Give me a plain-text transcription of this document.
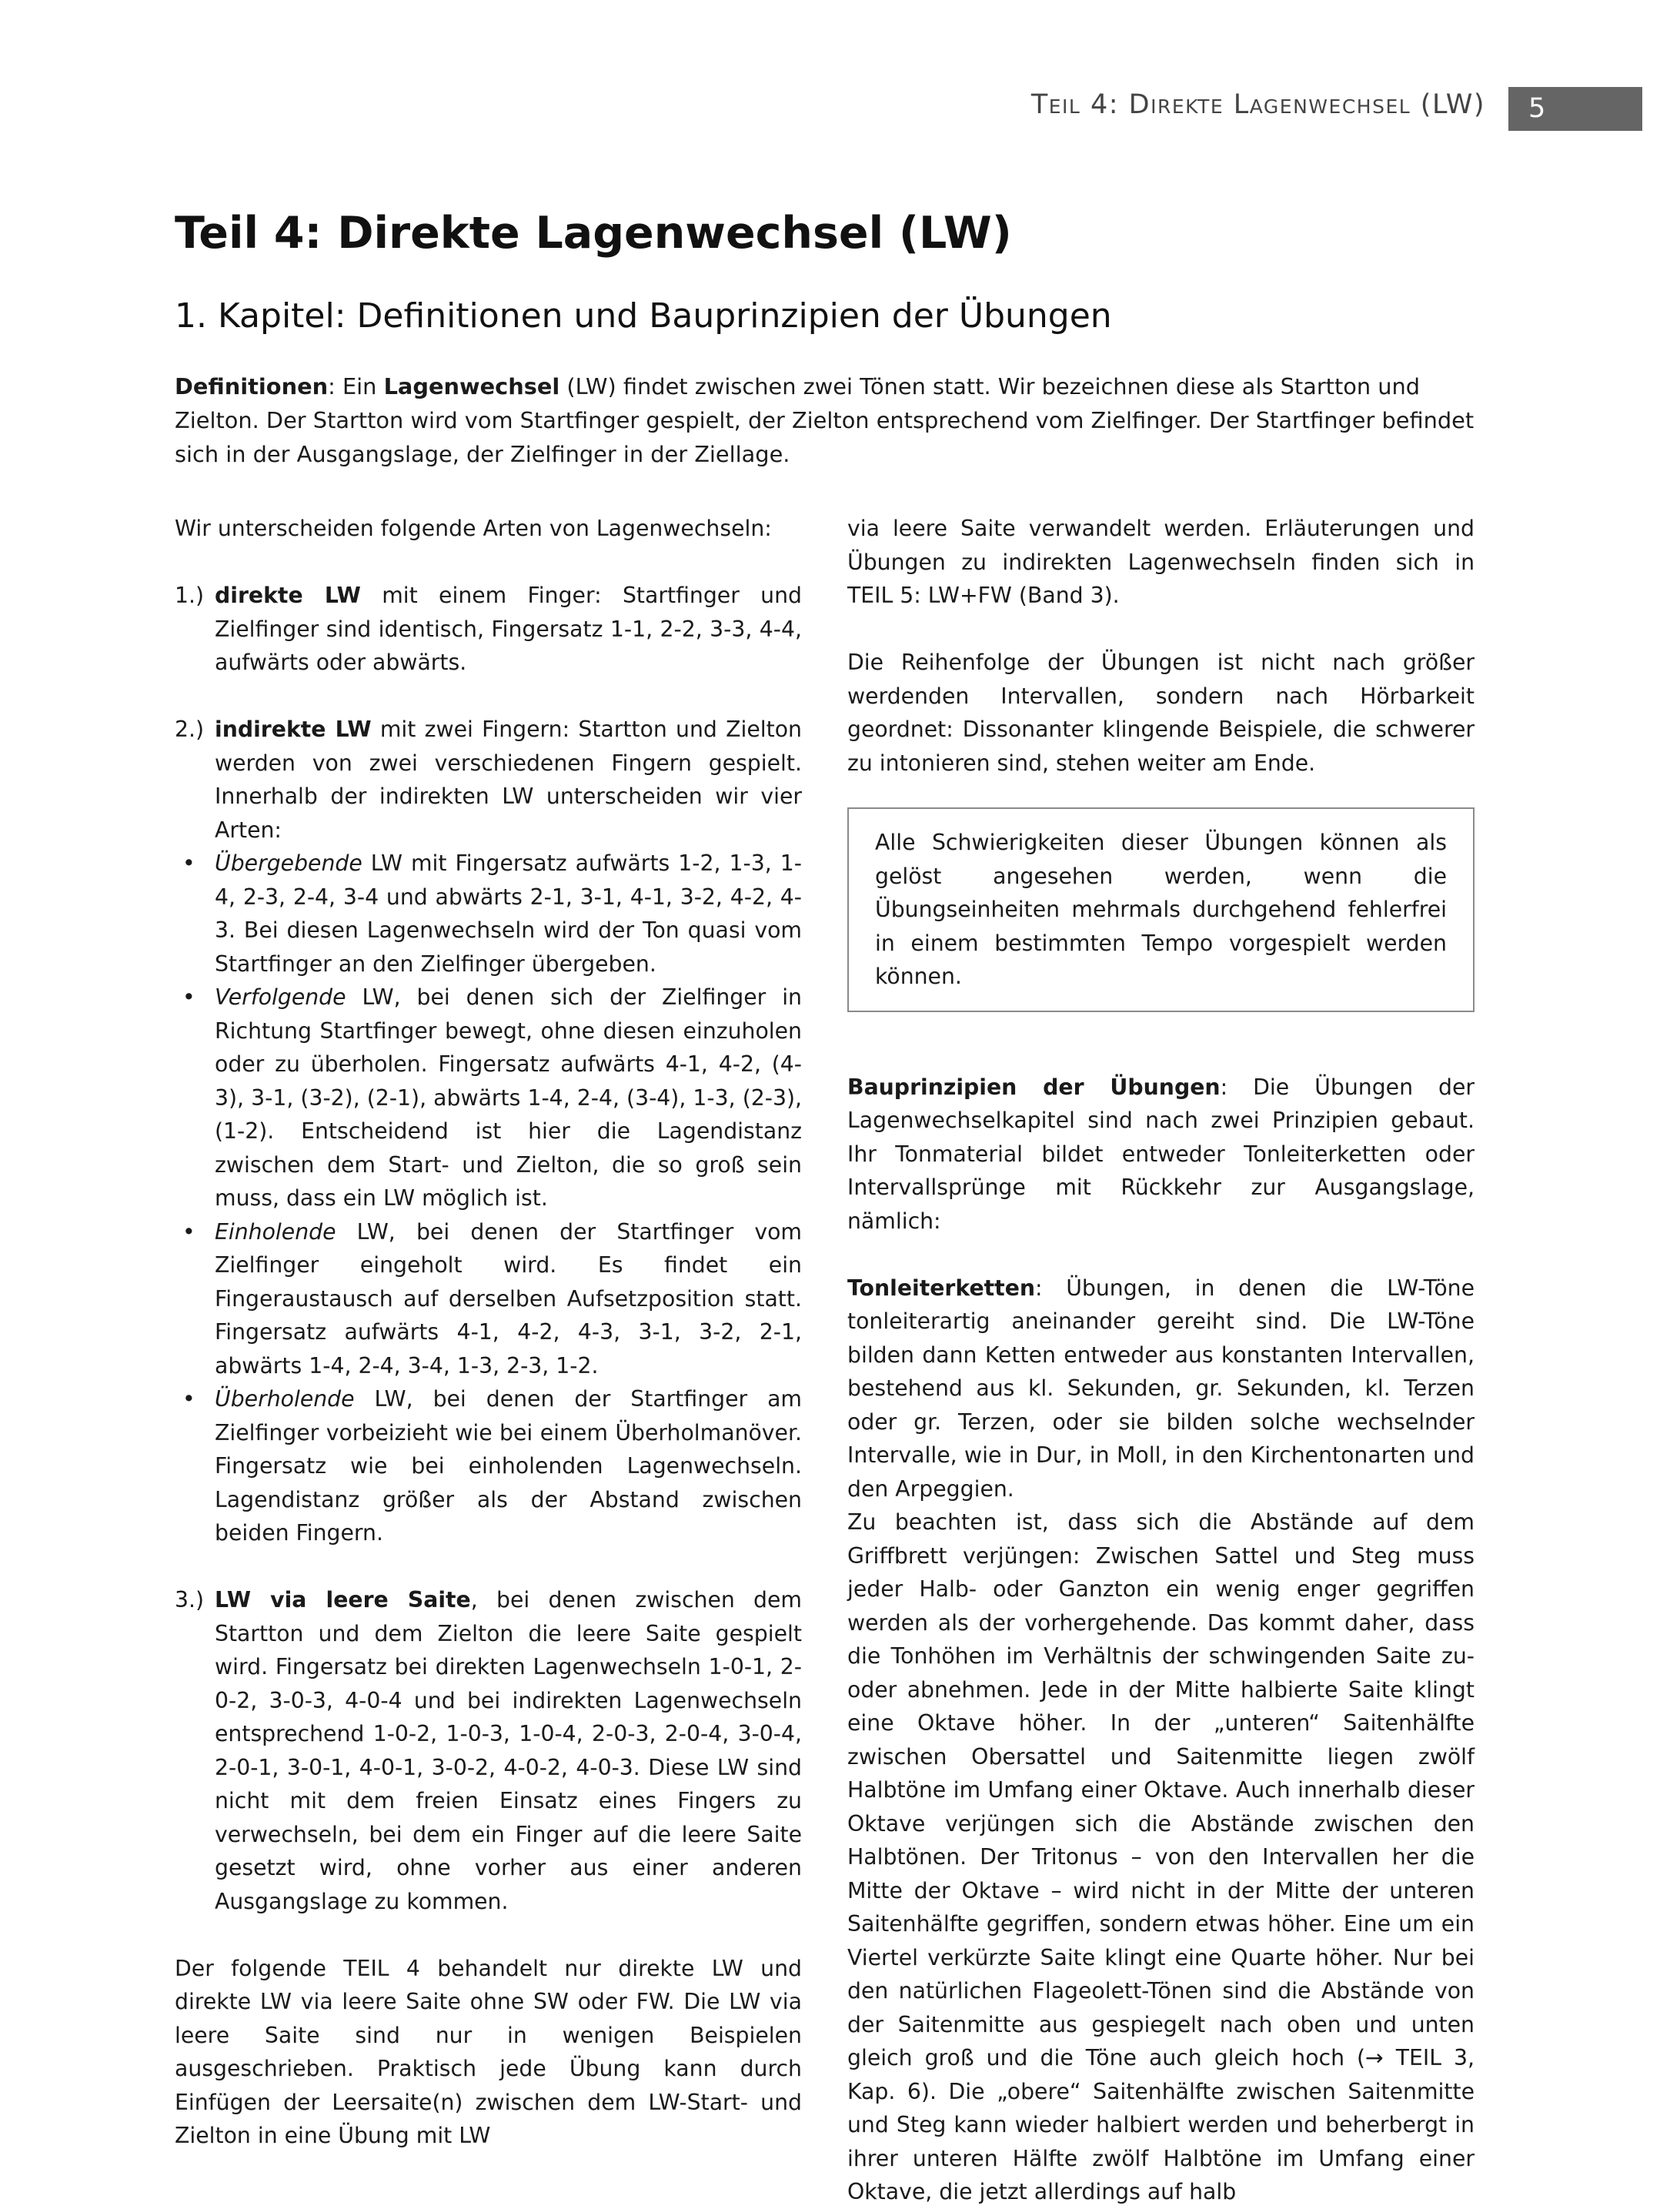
Teil 4: Direkte Lagenwechsel (LW)	5
Teil 4: Direkte Lagenwechsel (LW)
1. Kapitel: Definitionen und Bauprinzipien der Übungen

Definitionen: Ein Lagenwechsel (LW) findet zwischen zwei Tönen statt. Wir bezeichnen diese als Startton und Zielton. Der Startton wird vom Startfinger gespielt, der Zielton entsprechend vom Zielfinger. Der Startfinger befindet sich in der Ausgangslage, der Zielfinger in der Ziellage.

Wir unterscheiden folgende Arten von Lagenwechseln:

1.) direkte LW mit einem Finger: Startfinger und Zielfinger sind identisch, Fingersatz 1-1, 2-2, 3-3, 4-4, aufwärts oder abwärts.

2.) indirekte LW mit zwei Fingern: Startton und Zielton werden von zwei verschiedenen Fingern gespielt. Innerhalb der indirekten LW unterscheiden wir vier Arten:

• Übergebende LW mit Fingersatz aufwärts 1-2, 1-3, 1-4, 2-3, 2-4, 3-4 und abwärts 2-1, 3-1, 4-1, 3-2, 4-2, 4-3. Bei diesen Lagenwechseln wird der Ton quasi vom Startfinger an den Zielfinger übergeben.
• Verfolgende LW, bei denen sich der Zielfinger in Richtung Startfinger bewegt, ohne diesen einzuholen oder zu überholen. Fingersatz aufwärts 4-1, 4-2, (4-3), 3-1, (3-2), (2-1), abwärts 1-4, 2-4, (3-4), 1-3, (2-3), (1-2). Entscheidend ist hier die Lagendistanz zwischen dem Start- und Zielton, die so groß sein muss, dass ein LW möglich ist.
• Einholende LW, bei denen der Startfinger vom Zielfinger eingeholt wird. Es findet ein Fingeraustausch auf derselben Aufsetzposition statt. Fingersatz aufwärts 4-1, 4-2, 4-3, 3-1, 3-2, 2-1, abwärts 1-4, 2-4, 3-4, 1-3, 2-3, 1-2.
• Überholende LW, bei denen der Startfinger am Zielfinger vorbeizieht wie bei einem Überholmanöver. Fingersatz wie bei einholenden Lagenwechseln. Lagendistanz größer als der Abstand zwischen beiden Fingern.
3.) LW via leere Saite, bei denen zwischen dem Startton und dem Zielton die leere Saite gespielt wird. Fingersatz bei direkten Lagenwechseln 1-0-1, 2-0-2, 3-0-3, 4-0-4 und bei indirekten Lagenwechseln entsprechend 1-0-2, 1-0-3, 1-0-4, 2-0-3, 2-0-4, 3-0-4, 2-0-1, 3-0-1, 4-0-1, 3-0-2, 4-0-2, 4-0-3. Diese LW sind nicht mit dem freien Einsatz eines Fingers zu verwechseln, bei dem ein Finger auf die leere Saite gesetzt wird, ohne vorher aus einer anderen Ausgangslage zu kommen.

Der folgende TEIL 4 behandelt nur direkte LW und direkte LW via leere Saite ohne SW oder FW. Die LW via leere Saite sind nur in wenigen Beispielen ausgeschrieben. Praktisch jede Übung kann durch Einfügen der Leersaite(n) zwischen dem LW-Start- und Zielton in eine Übung mit LW

via leere Saite verwandelt werden. Erläuterungen und Übungen zu indirekten Lagenwechseln finden sich in TEIL 5: LW+FW (Band 3).

Die Reihenfolge der Übungen ist nicht nach größer werdenden Intervallen, sondern nach Hörbarkeit geordnet: Dissonanter klingende Beispiele, die schwerer zu intonieren sind, stehen weiter am Ende.

Alle Schwierigkeiten dieser Übungen können als gelöst angesehen werden, wenn die Übungseinheiten mehrmals durchgehend fehlerfrei in einem bestimmten Tempo vorgespielt werden können.

Bauprinzipien der Übungen: Die Übungen der Lagenwechselkapitel sind nach zwei Prinzipien gebaut. Ihr Tonmaterial bildet entweder Tonleiterketten oder Intervallsprünge mit Rückkehr zur Ausgangslage, nämlich:

Tonleiterketten: Übungen, in denen die LW-Töne tonleiterartig aneinander gereiht sind. Die LW-Töne bilden dann Ketten entweder aus konstanten Intervallen, bestehend aus kl. Sekunden, gr. Sekunden, kl. Terzen oder gr. Terzen, oder sie bilden solche wechselnder Intervalle, wie in Dur, in Moll, in den Kirchentonarten und den Arpeggien.

Zu beachten ist, dass sich die Abstände auf dem Griffbrett verjüngen: Zwischen Sattel und Steg muss jeder Halb- oder Ganzton ein wenig enger gegriffen werden als der vorhergehende. Das kommt daher, dass die Tonhöhen im Verhältnis der schwingenden Saite zu- oder abnehmen. Jede in der Mitte halbierte Saite klingt eine Oktave höher. In der „unteren“ Saitenhälfte zwischen Obersattel und Saitenmitte liegen zwölf Halbtöne im Umfang einer Oktave. Auch innerhalb dieser Oktave verjüngen sich die Abstände zwischen den Halbtönen. Der Tritonus – von den Intervallen her die Mitte der Oktave – wird nicht in der Mitte der unteren Saitenhälfte gegriffen, sondern etwas höher. Eine um ein Viertel verkürzte Saite klingt eine Quarte höher. Nur bei den natürlichen Flageolett-Tönen sind die Abstände von der Saitenmitte aus gespiegelt nach oben und unten gleich groß und die Töne auch gleich hoch (→ TEIL 3, Kap. 6). Die „obere“ Saitenhälfte zwischen Saitenmitte und Steg kann wieder halbiert werden und beherbergt in ihrer unteren Hälfte zwölf Halbtöne im Umfang einer Oktave, die jetzt allerdings auf halb
